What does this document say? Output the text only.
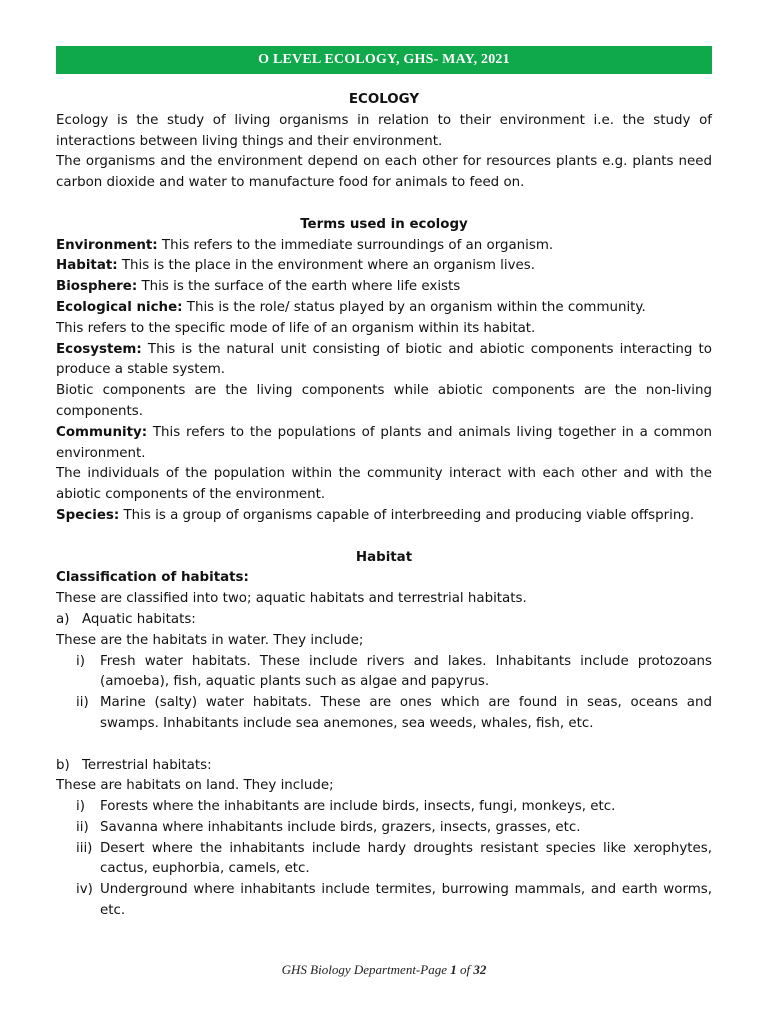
O LEVEL ECOLOGY, GHS- MAY, 2021

ECOLOGY

Ecology is the study of living organisms in relation to their environment i.e. the study of interactions between living things and their environment.

The organisms and the environment depend on each other for resources plants e.g. plants need carbon dioxide and water to manufacture food for animals to feed on.

Terms used in ecology

Environment: This refers to the immediate surroundings of an organism.

Habitat: This is the place in the environment where an organism lives.

Biosphere: This is the surface of the earth where life exists

Ecological niche: This is the role/ status played by an organism within the community.

This refers to the specific mode of life of an organism within its habitat.

Ecosystem: This is the natural unit consisting of biotic and abiotic components interacting to produce a stable system.

Biotic components are the living components while abiotic components are the non-living components.

Community: This refers to the populations of plants and animals living together in a common environment.

The individuals of the population within the community interact with each other and with the abiotic components of the environment.

Species: This is a group of organisms capable of interbreeding and producing viable offspring.

Habitat

Classification of habitats:

These are classified into two; aquatic habitats and terrestrial habitats.

a) Aquatic habitats:

These are the habitats in water. They include;

i)	Fresh water habitats. These include rivers and lakes. Inhabitants include protozoans (amoeba), fish, aquatic plants such as algae and papyrus.
ii) Marine (salty) water habitats. These are ones which are found in seas, oceans and swamps. Inhabitants include sea anemones, sea weeds, whales, fish, etc.
b) Terrestrial habitats:

These are habitats on land. They include;

i)	Forests where the inhabitants are include birds, insects, fungi, monkeys, etc.
ii) Savanna where inhabitants include birds, grazers, insects, grasses, etc.
iii) Desert where the inhabitants include hardy droughts resistant species like xerophytes, cactus, euphorbia, camels, etc.
iv) Underground where inhabitants include termites, burrowing mammals, and earth worms, etc.
GHS Biology Department-Page 1 of 32
